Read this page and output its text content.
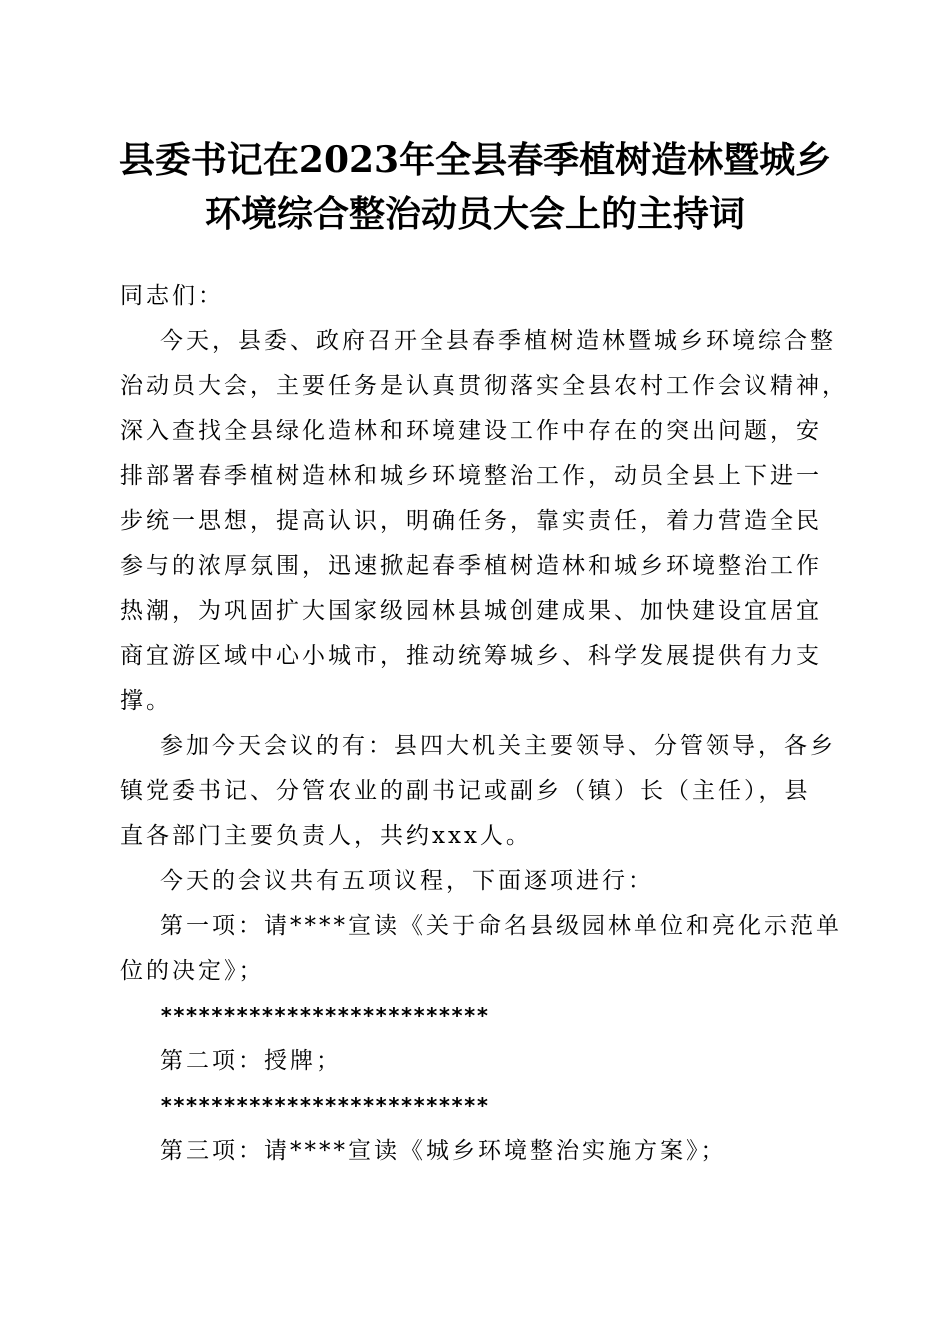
县委书记在2023年全县春季植树造林暨城乡
环境综合整治动员大会上的主持词
同志们：
今天，县委、政府召开全县春季植树造林暨城乡环境综合整
治动员大会，主要任务是认真贯彻落实全县农村工作会议精神，
深入查找全县绿化造林和环境建设工作中存在的突出问题，安
排部署春季植树造林和城乡环境整治工作，动员全县上下进一
步统一思想，提高认识，明确任务，靠实责任，着力营造全民
参与的浓厚氛围，迅速掀起春季植树造林和城乡环境整治工作
热潮，为巩固扩大国家级园林县城创建成果、加快建设宜居宜
商宜游区域中心小城市，推动统筹城乡、科学发展提供有力支
撑。
参加今天会议的有：县四大机关主要领导、分管领导，各乡
镇党委书记、分管农业的副书记或副乡（镇）长（主任），县
直各部门主要负责人，共约xxx人。
今天的会议共有五项议程，下面逐项进行：
第一项：请****宣读《关于命名县级园林单位和亮化示范单
位的决定》；
**************************
第二项：授牌；
**************************
第三项：请****宣读《城乡环境整治实施方案》；
